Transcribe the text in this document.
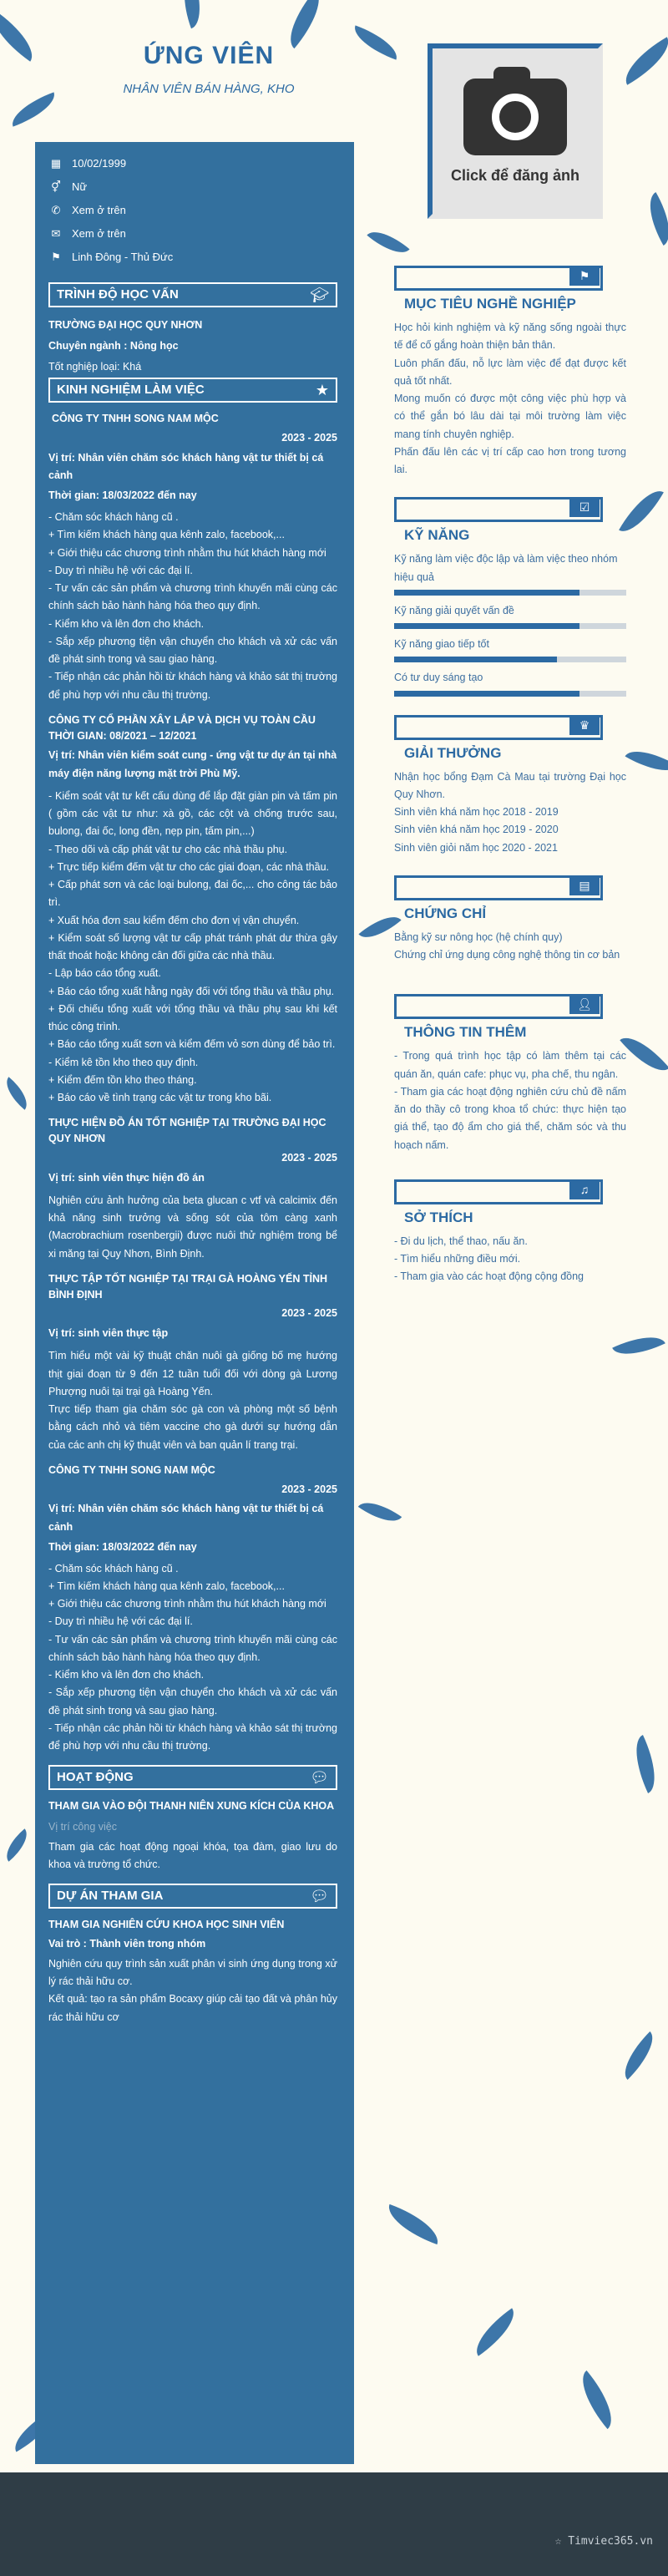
ỨNG VIÊN
NHÂN VIÊN BÁN HÀNG, KHO
Click để đăng ảnh
▦ 10/02/1999
⚥ Nữ
✆ Xem ở trên
✉ Xem ở trên
⚑ Linh Đông - Thủ Đức
TRÌNH ĐỘ HỌC VẤN	🎓︎

TRƯỜNG ĐẠI HỌC QUY NHƠN

Chuyên ngành : Nông học

Tốt nghiệp loại: Khá

KINH NGHIỆM LÀM VIỆC	★
CÔNG TY TNHH SONG NAM MỘC
2023 - 2025

Vị trí: Nhân viên chăm sóc khách hàng vật tư thiết bị cá cảnh

Thời gian: 18/03/2022 đến nay

- Chăm sóc khách hàng cũ .

+ Tìm kiếm khách hàng qua kênh zalo, facebook,...

+ Giới thiệu các chương trình nhằm thu hút khách hàng mới

- Duy trì nhiều hệ với các đại lí.

- Tư vấn các sản phẩm và chương trình khuyến mãi cùng các chính sách bảo hành hàng hóa theo quy định.

- Kiểm kho và lên đơn cho khách.

- Sắp xếp phương tiện vận chuyển cho khách và xử các vấn đề phát sinh trong và sau giao hàng.

- Tiếp nhận các phản hồi từ khách hàng và khảo sát thị trường để phù hợp với nhu cầu thị trường.

CÔNG TY CỔ PHẦN XÂY LẮP VÀ DỊCH VỤ TOÀN CẦU THỜI GIAN: 08/2021 – 12/2021

Vị trí: Nhân viên kiểm soát cung - ứng vật tư dự án tại nhà máy điện năng lượng mặt trời Phù Mỹ.

- Kiểm soát vật tư kết cấu dùng để lắp đặt giàn pin và tấm pin ( gồm các vật tư như: xà gồ, các cột và chống trước sau, bulong, đai ốc, long đền, nẹp pin, tấm pin,...)

- Theo dõi và cấp phát vật tư cho các nhà thầu phụ.

+ Trực tiếp kiểm đếm vật tư cho các giai đoạn, các nhà thầu.

+ Cấp phát sơn và các loại bulong, đai ốc,... cho công tác bảo trì.

+ Xuất hóa đơn sau kiểm đếm cho đơn vị vận chuyển.

+ Kiểm soát số lượng vật tư cấp phát tránh phát dư thừa gây thất thoát hoặc không cân đối giữa các nhà thầu.

- Lập báo cáo tổng xuất.

+ Báo cáo tổng xuất hằng ngày đối với tổng thầu và thầu phụ.

+ Đối chiếu tổng xuất với tổng thầu và thầu phụ sau khi kết thúc công trình.

+ Báo cáo tổng xuất sơn và kiểm đếm vỏ sơn dùng để bảo trì.

- Kiểm kê tồn kho theo quy định.

+ Kiểm đếm tồn kho theo tháng.

+ Báo cáo về tình trạng các vật tư trong kho bãi.

THỰC HIỆN ĐỒ ÁN TỐT NGHIỆP TẠI TRƯỜNG ĐẠI HỌC QUY NHƠN
2023 - 2025

Vị trí: sinh viên thực hiện đồ án

Nghiên cứu ảnh hưởng của beta glucan c vtf và calcimix đến khả năng sinh trưởng và sống sót của tôm càng xanh (Macrobrachium rosenbergii) được nuôi thử nghiệm trong bể xi măng tại Quy Nhơn, Bình Định.

THỰC TẬP TỐT NGHIỆP TẠI TRẠI GÀ HOÀNG YẾN TỈNH BÌNH ĐỊNH
2023 - 2025

Vị trí: sinh viên thực tập

Tìm hiểu một vài kỹ thuật chăn nuôi gà giống bố mẹ hướng thịt giai đoạn từ 9 đến 12 tuần tuổi đối với dòng gà Lương Phượng nuôi tại trại gà Hoàng Yến.

Trực tiếp tham gia chăm sóc gà con và phòng một số bệnh bằng cách nhỏ và tiêm vaccine cho gà dưới sự hướng dẫn của các anh chị kỹ thuật viên và ban quản lí trang trại.

CÔNG TY TNHH SONG NAM MỘC
2023 - 2025

Vị trí: Nhân viên chăm sóc khách hàng vật tư thiết bị cá cảnh

Thời gian: 18/03/2022 đến nay

- Chăm sóc khách hàng cũ .

+ Tìm kiếm khách hàng qua kênh zalo, facebook,...

+ Giới thiệu các chương trình nhằm thu hút khách hàng mới

- Duy trì nhiều hệ với các đại lí.

- Tư vấn các sản phẩm và chương trình khuyến mãi cùng các chính sách bảo hành hàng hóa theo quy định.

- Kiểm kho và lên đơn cho khách.

- Sắp xếp phương tiện vận chuyển cho khách và xử các vấn đề phát sinh trong và sau giao hàng.

- Tiếp nhận các phản hồi từ khách hàng và khảo sát thị trường để phù hợp với nhu cầu thị trường.

HOẠT ĐỘNG	💬︎
THAM GIA VÀO ĐỘI THANH NIÊN XUNG KÍCH CỦA KHOA

Vị trí công việc

Tham gia các hoạt động ngoại khóa, tọa đàm, giao lưu do khoa và trường tổ chức.

DỰ ÁN THAM GIA	💬︎
THAM GIA NGHIÊN CỨU KHOA HỌC SINH VIÊN

Vai trò : Thành viên trong nhóm

Nghiên cứu quy trình sản xuất phân vi sinh ứng dụng trong xử lý rác thải hữu cơ.

Kết quả: tạo ra sản phẩm Bocaxy giúp cải tạo đất và phân hủy rác thải hữu cơ

⚑
MỤC TIÊU NGHỀ NGHIỆP

Học hỏi kinh nghiệm và kỹ năng sống ngoài thực tế để cố gắng hoàn thiện bản thân.

Luôn phấn đấu, nỗ lực làm việc để đạt được kết quả tốt nhất.

Mong muốn có được một công việc phù hợp và có thể gắn bó lâu dài tại môi trường làm việc mang tính chuyên nghiệp.

Phấn đấu lên các vị trí cấp cao hơn trong tương lai.

☑
KỸ NĂNG
Kỹ năng làm việc độc lập và làm việc theo nhóm hiệu quả
Kỹ năng giải quyết vấn đề
Kỹ năng giao tiếp tốt
Có tư duy sáng tạo
♛
GIẢI THƯỞNG

Nhận học bổng Đạm Cà Mau tại trường Đại học Quy Nhơn.

Sinh viên khá năm học 2018 - 2019

Sinh viên khá năm học 2019 - 2020

Sinh viên giỏi năm học 2020 - 2021

▤
CHỨNG CHỈ

Bằng kỹ sư nông học (hệ chính quy)

Chứng chỉ ứng dụng công nghệ thông tin cơ bản

👤︎
THÔNG TIN THÊM

- Trong quá trình học tập có làm thêm tại các quán ăn, quán cafe: phục vụ, pha chế, thu ngân.

- Tham gia các hoạt động nghiên cứu chủ đề nấm ăn do thầy cô trong khoa tổ chức: thực hiện tạo giá thể, tạo độ ẩm cho giá thể, chăm sóc và thu hoạch nấm.

♫
SỞ THÍCH

- Đi du lịch, thể thao, nấu ăn.

- Tìm hiểu những điều mới.

- Tham gia vào các hoạt động cộng đồng

☆ Timviec365.vn
